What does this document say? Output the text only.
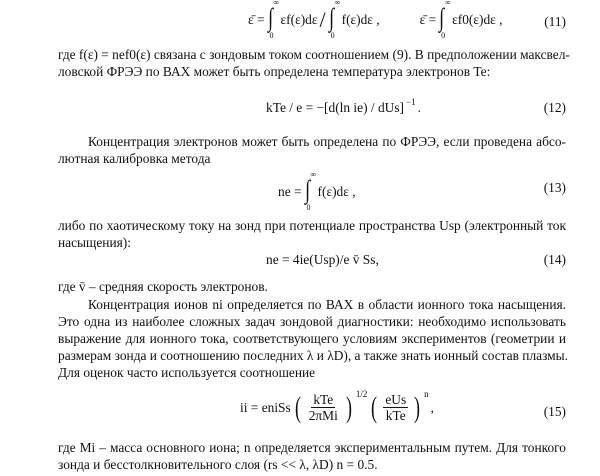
ε̄ = ∫
∞
0
εf(ε)dε / ∫
∞
0
f(ε)dε ,	ε̄ = ∫
∞
0
εf0(ε)dε ,	(11)
где f(ε) = nef0(ε) связана с зондовым током соотношением (9). В предположении максвел-
ловской ФРЭЭ по ВАХ может быть определена температура электронов Te:
kTe / e = −[d(ln ie) / dUs]$^{-1}$ .	(12)
Концентрация электронов может быть определена по ФРЭЭ, если проведена абсо-
лютная калибровка метода
ne = ∫
∞
0
f(ε)dε ,	(13)
либо по хаотическому току на зонд при потенциале пространства Usp (электронный ток
насыщения):
ne = 4ie(Usp)/e v̄ Ss,	(14)
где v̄ – средняя скорость электронов.
Концентрация ионов ni определяется по ВАХ в области ионного тока насыщения.
Это одна из наиболее сложных задач зондовой диагностики: необходимо использовать
выражение для ионного тока, соответствующего условиям экспериментов (геометрии и
размерам зонда и соотношению последних λ и λD), а также знать ионный состав плазмы.
Для оценок часто используется соотношение
ii = eniSs ( $\frac{\text{kTe}}{\text{2πMi}}$ ) $^{1/2}$ ( $\frac{\text{eUs}}{\text{kTe}}$ ) $^n$
,	(15)
где Mi – масса основного иона; n определяется экспериментальным путем. Для тонкого
зонда и бесстолкновительного слоя (rs << λ, λD) n = 0.5.
